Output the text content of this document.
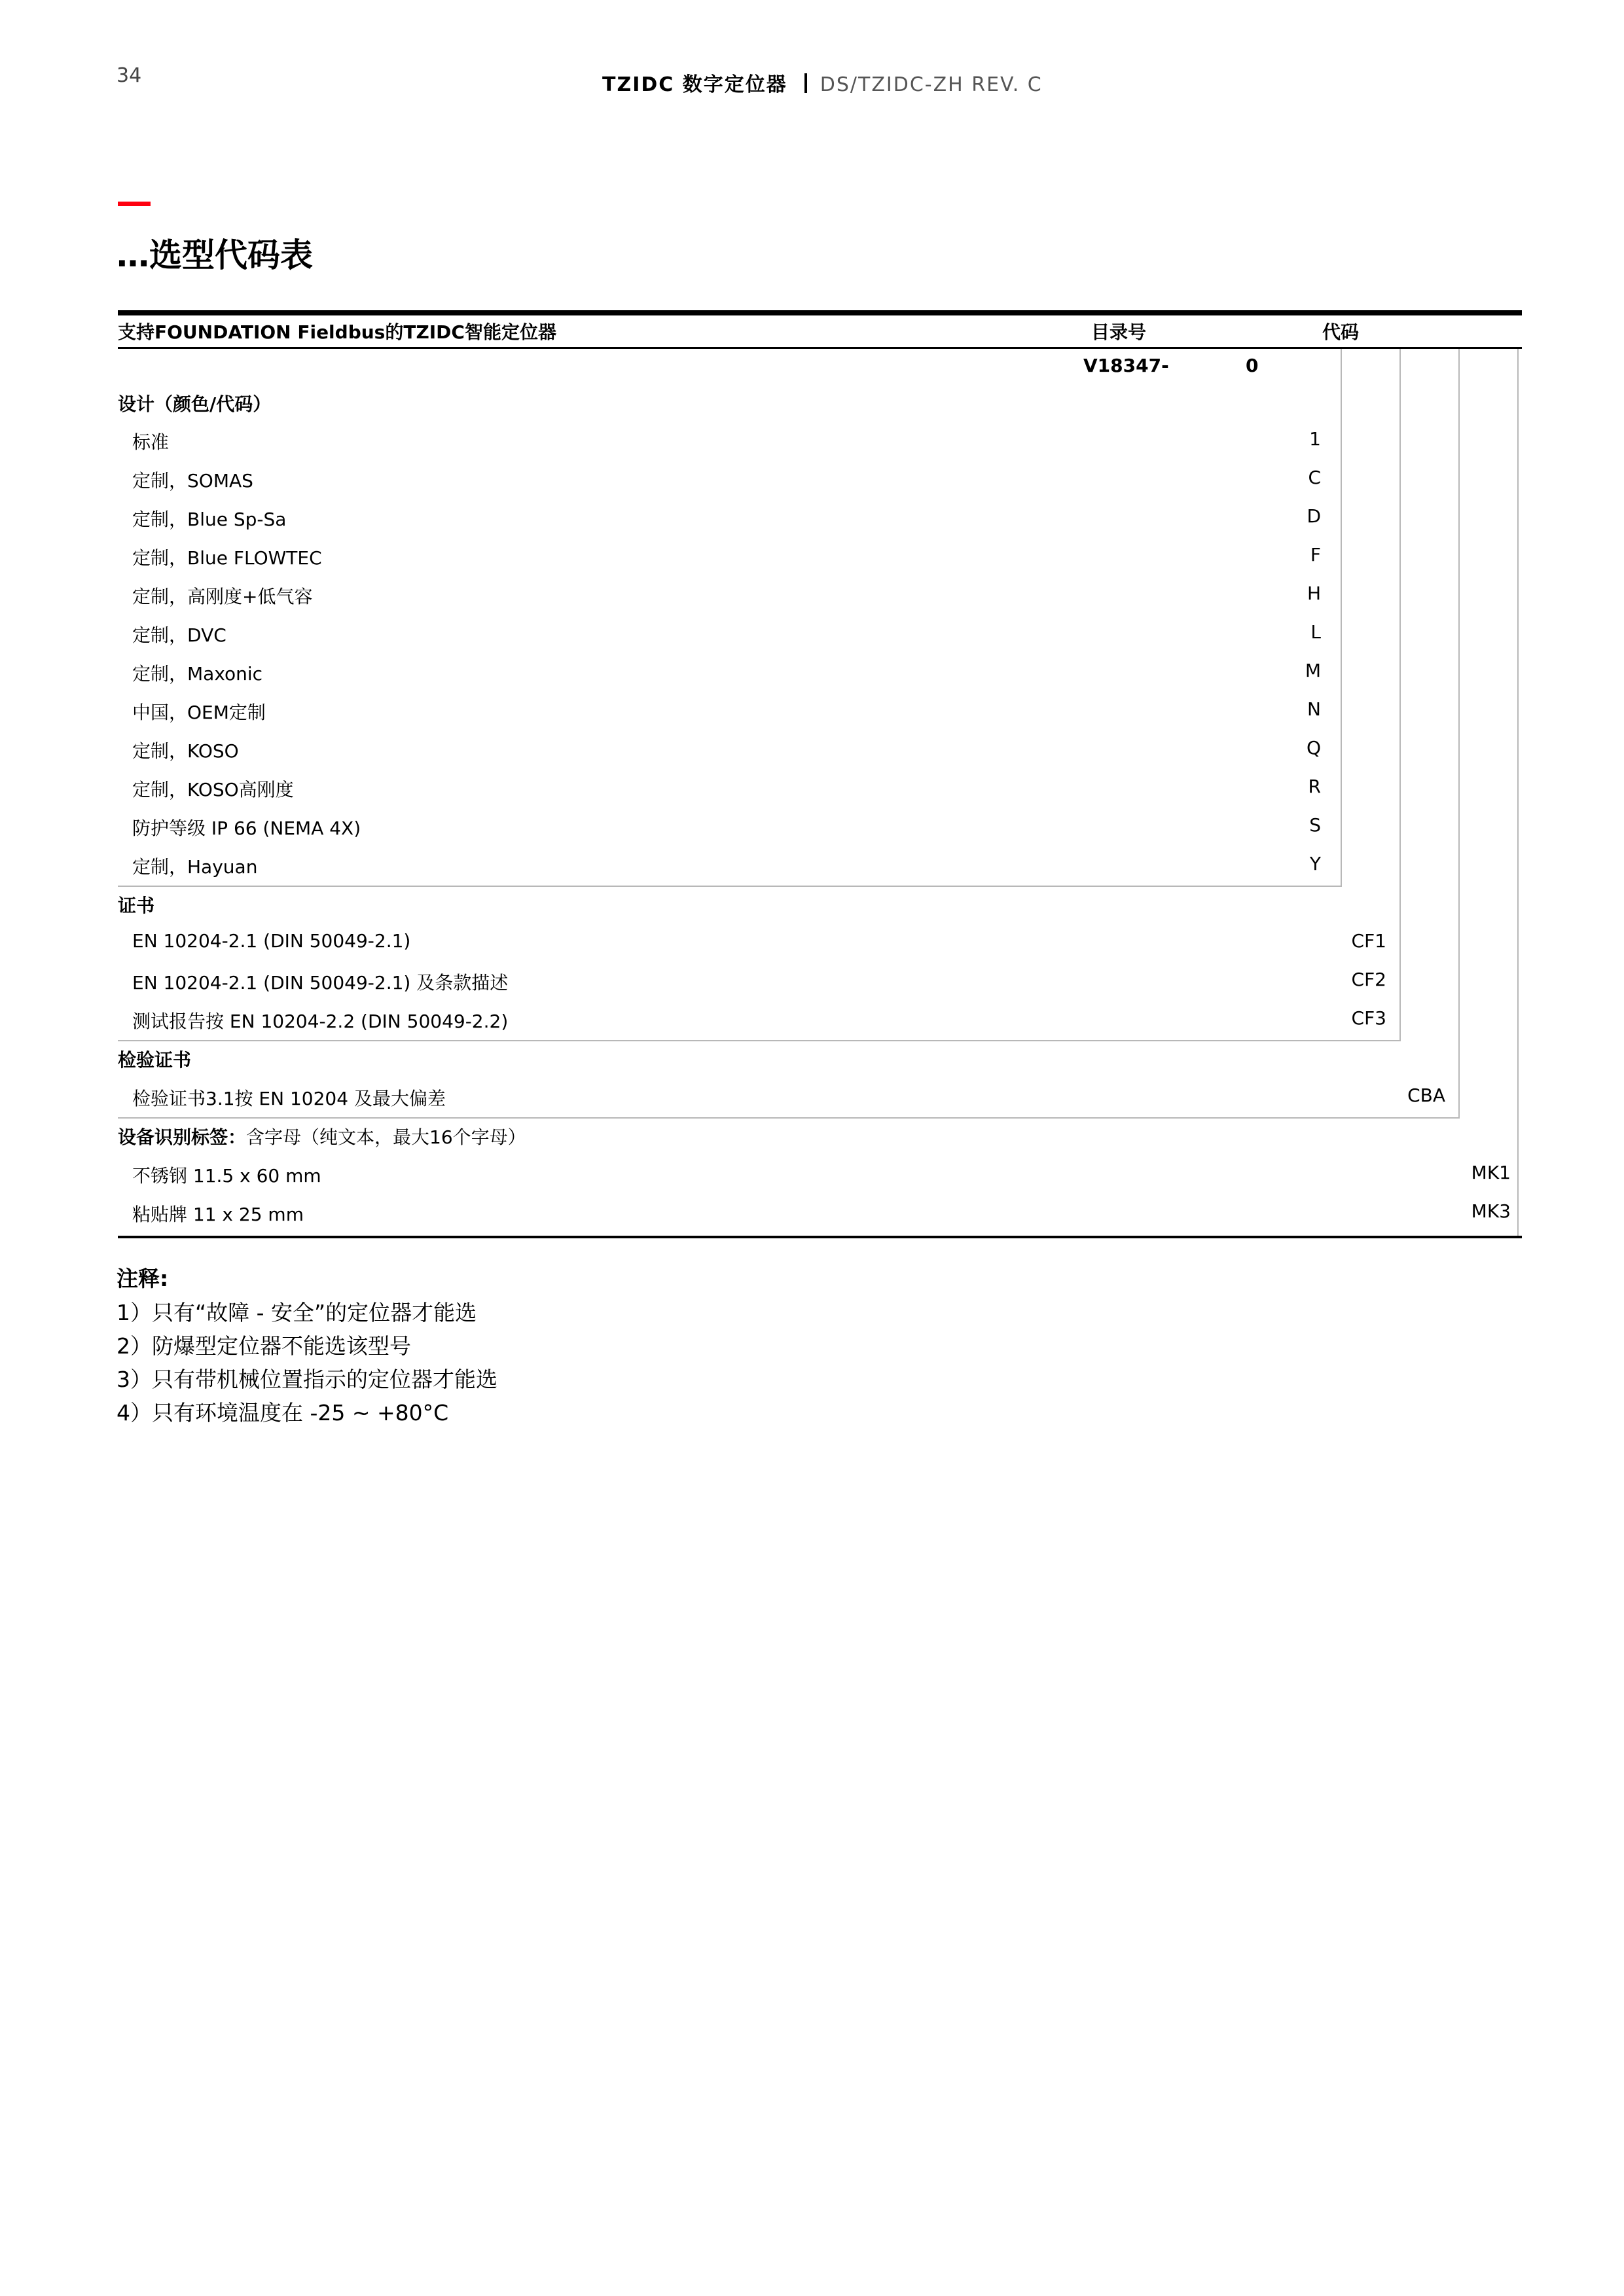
34	TZIDC 数字定位器 DS/TZIDC-ZH REV. C
…选型代码表
支持FOUNDATION Fieldbus的TZIDC智能定位器	目录号	代码
V18347-	0
设计（颜色/代码）
标准	1
定制，SOMAS	C
定制，Blue Sp-Sa	D
定制，Blue FLOWTEC	F
定制，高刚度+低气容	H
定制，DVC	L
定制，Maxonic	M
中国，OEM定制	N
定制，KOSO	Q
定制，KOSO高刚度	R
防护等级 IP 66 (NEMA 4X)	S
定制，Hayuan	Y
证书
EN 10204-2.1 (DIN 50049-2.1)	CF1
EN 10204-2.1 (DIN 50049-2.1) 及条款描述	CF2
测试报告按 EN 10204-2.2 (DIN 50049-2.2)	CF3
检验证书
检验证书3.1按 EN 10204 及最大偏差	CBA
设备识别标签：含字母（纯文本，最大16个字母）
不锈钢 11.5 x 60 mm	MK1
粘贴牌 11 x 25 mm	MK3
注释:
1）只有“故障 - 安全”的定位器才能选
2）防爆型定位器不能选该型号
3）只有带机械位置指示的定位器才能选
4）只有环境温度在 -25 ~ +80°C
